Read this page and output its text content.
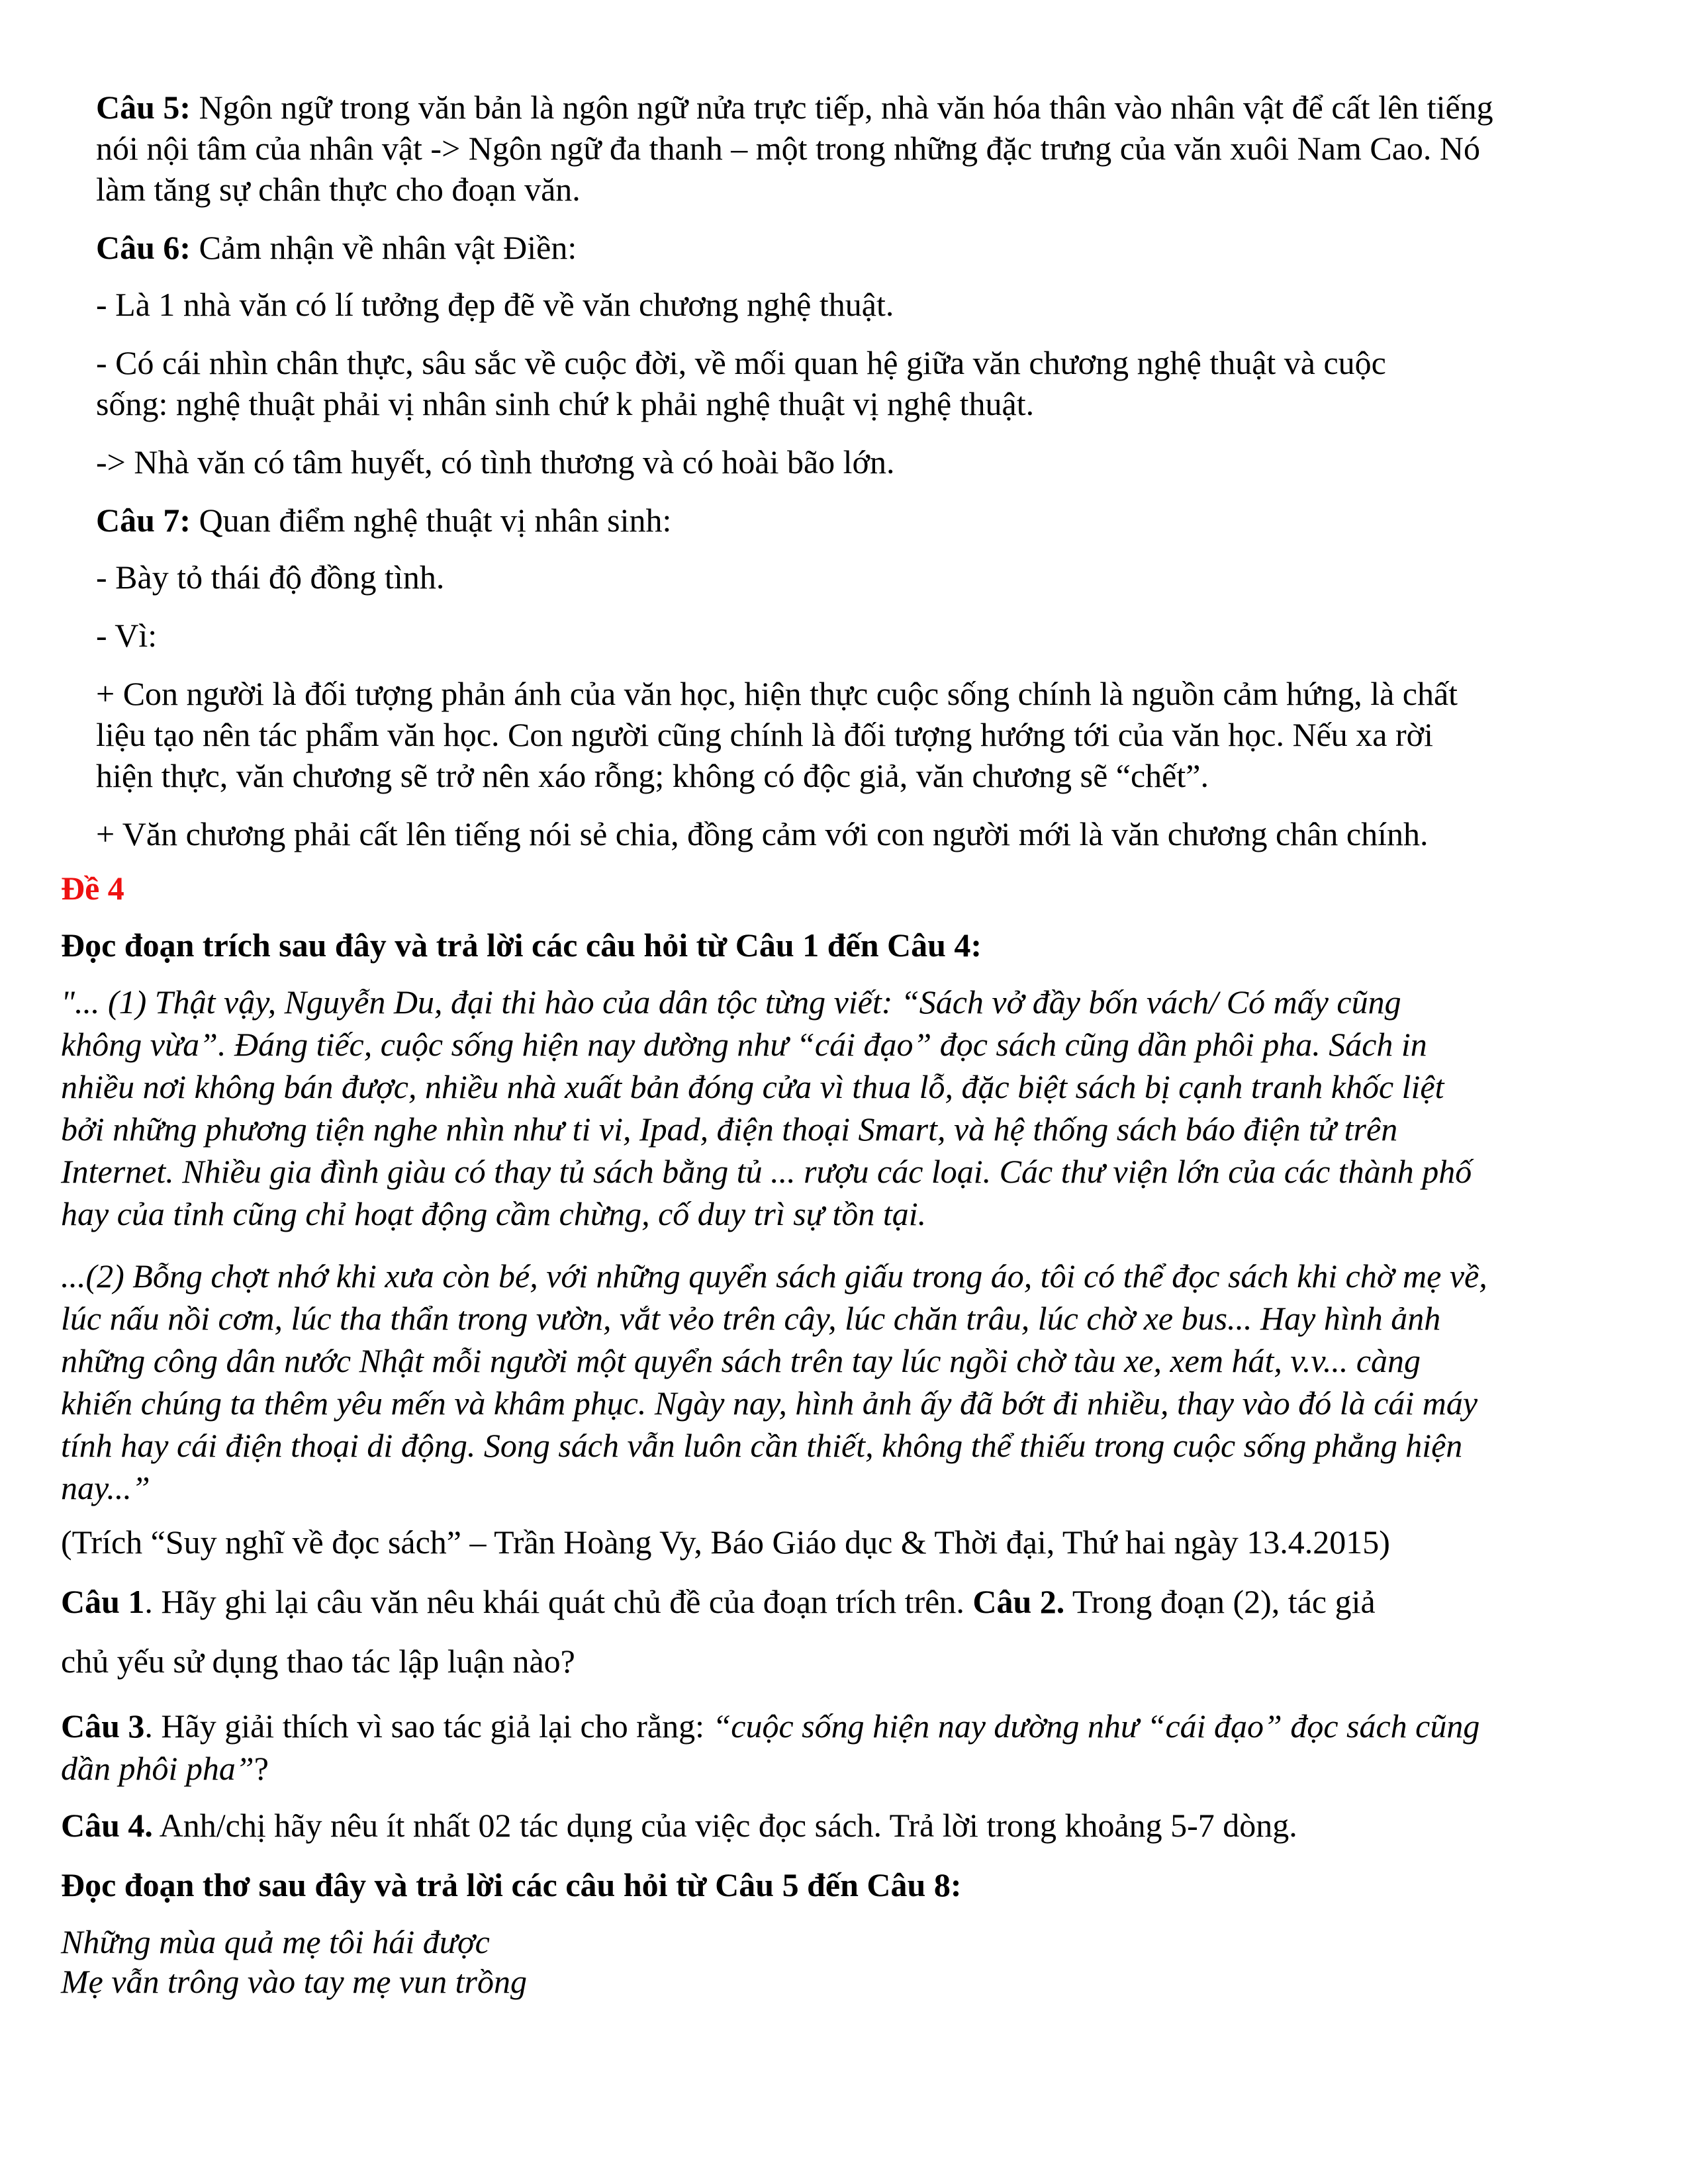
Câu 5: Ngôn ngữ trong văn bản là ngôn ngữ nửa trực tiếp, nhà văn hóa thân vào nhân vật để cất lên tiếng

nói nội tâm của nhân vật -> Ngôn ngữ đa thanh – một trong những đặc trưng của văn xuôi Nam Cao. Nó

làm tăng sự chân thực cho đoạn văn.

Câu 6: Cảm nhận về nhân vật Điền:

- Là 1 nhà văn có lí tưởng đẹp đẽ về văn chương nghệ thuật.

- Có cái nhìn chân thực, sâu sắc về cuộc đời, về mối quan hệ giữa văn chương nghệ thuật và cuộc

sống: nghệ thuật phải vị nhân sinh chứ k phải nghệ thuật vị nghệ thuật.

-> Nhà văn có tâm huyết, có tình thương và có hoài bão lớn.

Câu 7: Quan điểm nghệ thuật vị nhân sinh:

- Bày tỏ thái độ đồng tình.

- Vì:

+ Con người là đối tượng phản ánh của văn học, hiện thực cuộc sống chính là nguồn cảm hứng, là chất

liệu tạo nên tác phẩm văn học. Con người cũng chính là đối tượng hướng tới của văn học. Nếu xa rời

hiện thực, văn chương sẽ trở nên xáo rỗng; không có độc giả, văn chương sẽ “chết”.

+ Văn chương phải cất lên tiếng nói sẻ chia, đồng cảm với con người mới là văn chương chân chính.

Đề 4

Đọc đoạn trích sau đây và trả lời các câu hỏi từ Câu 1 đến Câu 4:

"... (1) Thật vậy, Nguyễn Du, đại thi hào của dân tộc từng viết: “Sách vở đầy bốn vách/ Có mấy cũng

không vừa”. Đáng tiếc, cuộc sống hiện nay dường như “cái đạo” đọc sách cũng dần phôi pha. Sách in

nhiều nơi không bán được, nhiều nhà xuất bản đóng cửa vì thua lỗ, đặc biệt sách bị cạnh tranh khốc liệt

bởi những phương tiện nghe nhìn như ti vi, Ipad, điện thoại Smart, và hệ thống sách báo điện tử trên

Internet. Nhiều gia đình giàu có thay tủ sách bằng tủ ... rượu các loại. Các thư viện lớn của các thành phố

hay của tỉnh cũng chỉ hoạt động cầm chừng, cố duy trì sự tồn tại.

...(2) Bỗng chợt nhớ khi xưa còn bé, với những quyển sách giấu trong áo, tôi có thể đọc sách khi chờ mẹ về,

lúc nấu nồi cơm, lúc tha thẩn trong vườn, vắt vẻo trên cây, lúc chăn trâu, lúc chờ xe bus... Hay hình ảnh

những công dân nước Nhật mỗi người một quyển sách trên tay lúc ngồi chờ tàu xe, xem hát, v.v... càng

khiến chúng ta thêm yêu mến và khâm phục. Ngày nay, hình ảnh ấy đã bớt đi nhiều, thay vào đó là cái máy

tính hay cái điện thoại di động. Song sách vẫn luôn cần thiết, không thể thiếu trong cuộc sống phẳng hiện

nay...”

(Trích “Suy nghĩ về đọc sách” – Trần Hoàng Vy, Báo Giáo dục & Thời đại, Thứ hai ngày 13.4.2015)

Câu 1. Hãy ghi lại câu văn nêu khái quát chủ đề của đoạn trích trên. Câu 2. Trong đoạn (2), tác giả

chủ yếu sử dụng thao tác lập luận nào?

Câu 3. Hãy giải thích vì sao tác giả lại cho rằng: “cuộc sống hiện nay dường như “cái đạo” đọc sách cũng

dần phôi pha”?

Câu 4. Anh/chị hãy nêu ít nhất 02 tác dụng của việc đọc sách. Trả lời trong khoảng 5-7 dòng.

Đọc đoạn thơ sau đây và trả lời các câu hỏi từ Câu 5 đến Câu 8:

Những mùa quả mẹ tôi hái được

Mẹ vẫn trông vào tay mẹ vun trồng
